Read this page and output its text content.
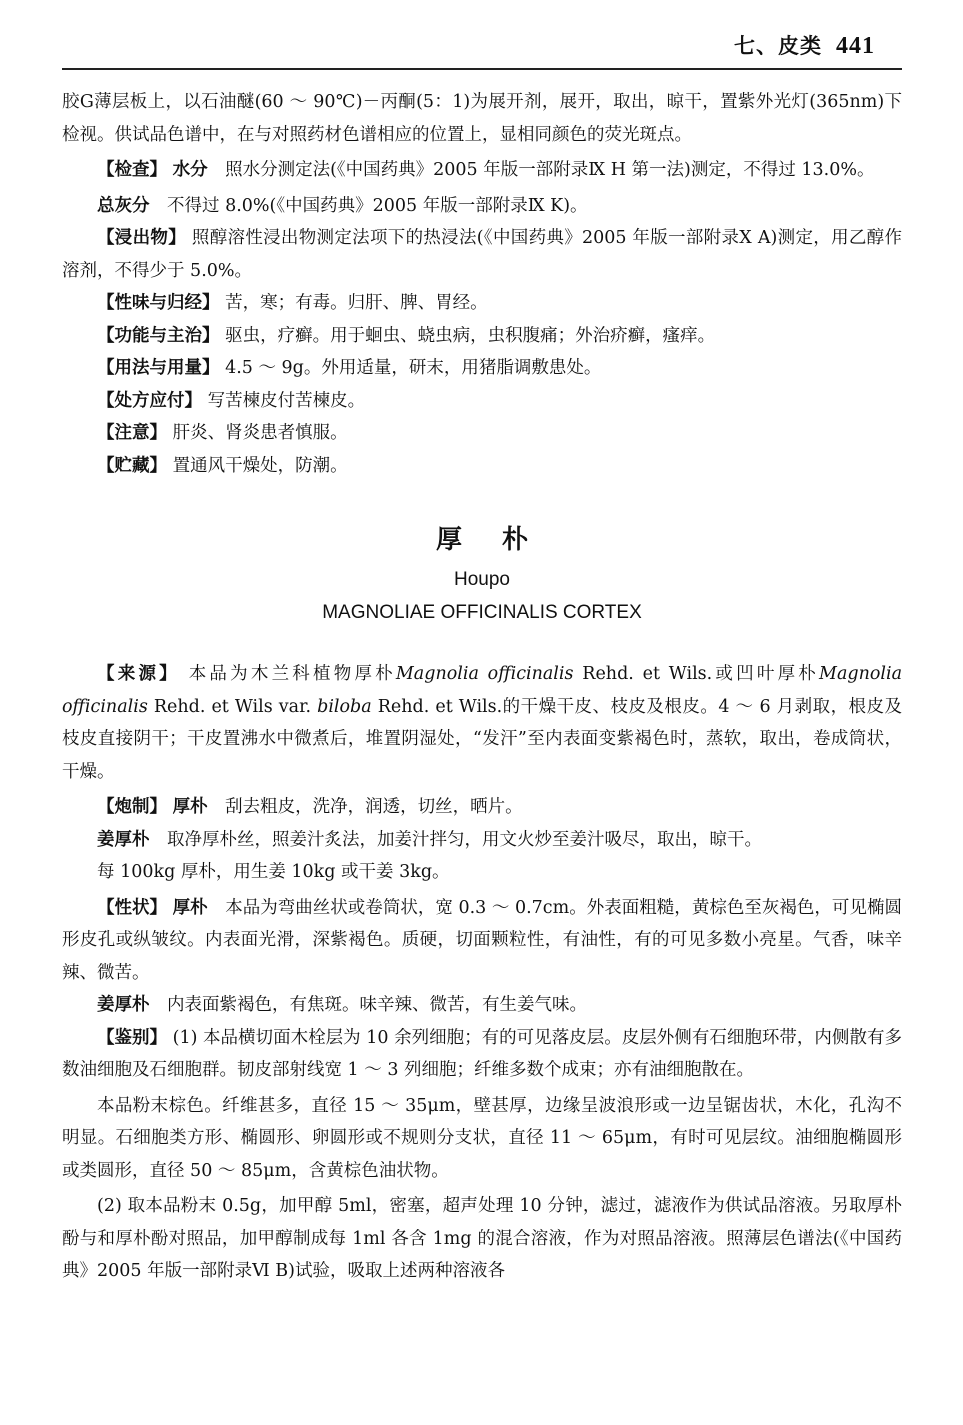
七、皮类 441

胶G薄层板上，以石油醚(60 ～ 90℃)－丙酮(5：1)为展开剂，展开，取出，晾干，置紫外光灯(365nm)下检视。供试品色谱中，在与对照药材色谱相应的位置上，显相同颜色的荧光斑点。

【检查】 水分　 照水分测定法(《中国药典》2005 年版一部附录Ⅸ H 第一法)测定，不得过 13.0%。

总灰分　 不得过 8.0%(《中国药典》2005 年版一部附录Ⅸ K)。

【浸出物】 照醇溶性浸出物测定法项下的热浸法(《中国药典》2005 年版一部附录Ⅹ A)测定，用乙醇作溶剂，不得少于 5.0%。

【性味与归经】 苦，寒；有毒。归肝、脾、胃经。

【功能与主治】 驱虫，疗癣。用于蛔虫、蛲虫病，虫积腹痛；外治疥癣，瘙痒。

【用法与用量】 4.5 ～ 9g。外用适量，研末，用猪脂调敷患处。

【处方应付】 写苦楝皮付苦楝皮。

【注意】 肝炎、肾炎患者慎服。

【贮藏】 置通风干燥处，防潮。

厚朴
Houpo
MAGNOLIAE OFFICINALIS CORTEX

【来源】 本品为木兰科植物厚朴Magnolia officinalis Rehd. et Wils.或凹叶厚朴Magnolia officinalis Rehd. et Wils var. biloba Rehd. et Wils.的干燥干皮、枝皮及根皮。4 ～ 6 月剥取，根皮及枝皮直接阴干；干皮置沸水中微煮后，堆置阴湿处，“发汗”至内表面变紫褐色时，蒸软，取出，卷成筒状，干燥。

【炮制】 厚朴　 刮去粗皮，洗净，润透，切丝，晒片。

姜厚朴　 取净厚朴丝，照姜汁炙法，加姜汁拌匀，用文火炒至姜汁吸尽，取出，晾干。

每 100kg 厚朴，用生姜 10kg 或干姜 3kg。

【性状】 厚朴　 本品为弯曲丝状或卷筒状，宽 0.3 ～ 0.7cm。外表面粗糙，黄棕色至灰褐色，可见椭圆形皮孔或纵皱纹。内表面光滑，深紫褐色。质硬，切面颗粒性，有油性，有的可见多数小亮星。气香，味辛辣、微苦。

姜厚朴　 内表面紫褐色，有焦斑。味辛辣、微苦，有生姜气味。

【鉴别】 (1) 本品横切面木栓层为 10 余列细胞；有的可见落皮层。皮层外侧有石细胞环带，内侧散有多数油细胞及石细胞群。韧皮部射线宽 1 ～ 3 列细胞；纤维多数个成束；亦有油细胞散在。

本品粉末棕色。纤维甚多，直径 15 ～ 35μm，壁甚厚，边缘呈波浪形或一边呈锯齿状，木化，孔沟不明显。石细胞类方形、椭圆形、卵圆形或不规则分支状，直径 11 ～ 65μm，有时可见层纹。油细胞椭圆形或类圆形，直径 50 ～ 85μm，含黄棕色油状物。

(2) 取本品粉末 0.5g，加甲醇 5ml，密塞，超声处理 10 分钟，滤过，滤液作为供试品溶液。另取厚朴酚与和厚朴酚对照品，加甲醇制成每 1ml 各含 1mg 的混合溶液，作为对照品溶液。照薄层色谱法(《中国药典》2005 年版一部附录Ⅵ B)试验，吸取上述两种溶液各
